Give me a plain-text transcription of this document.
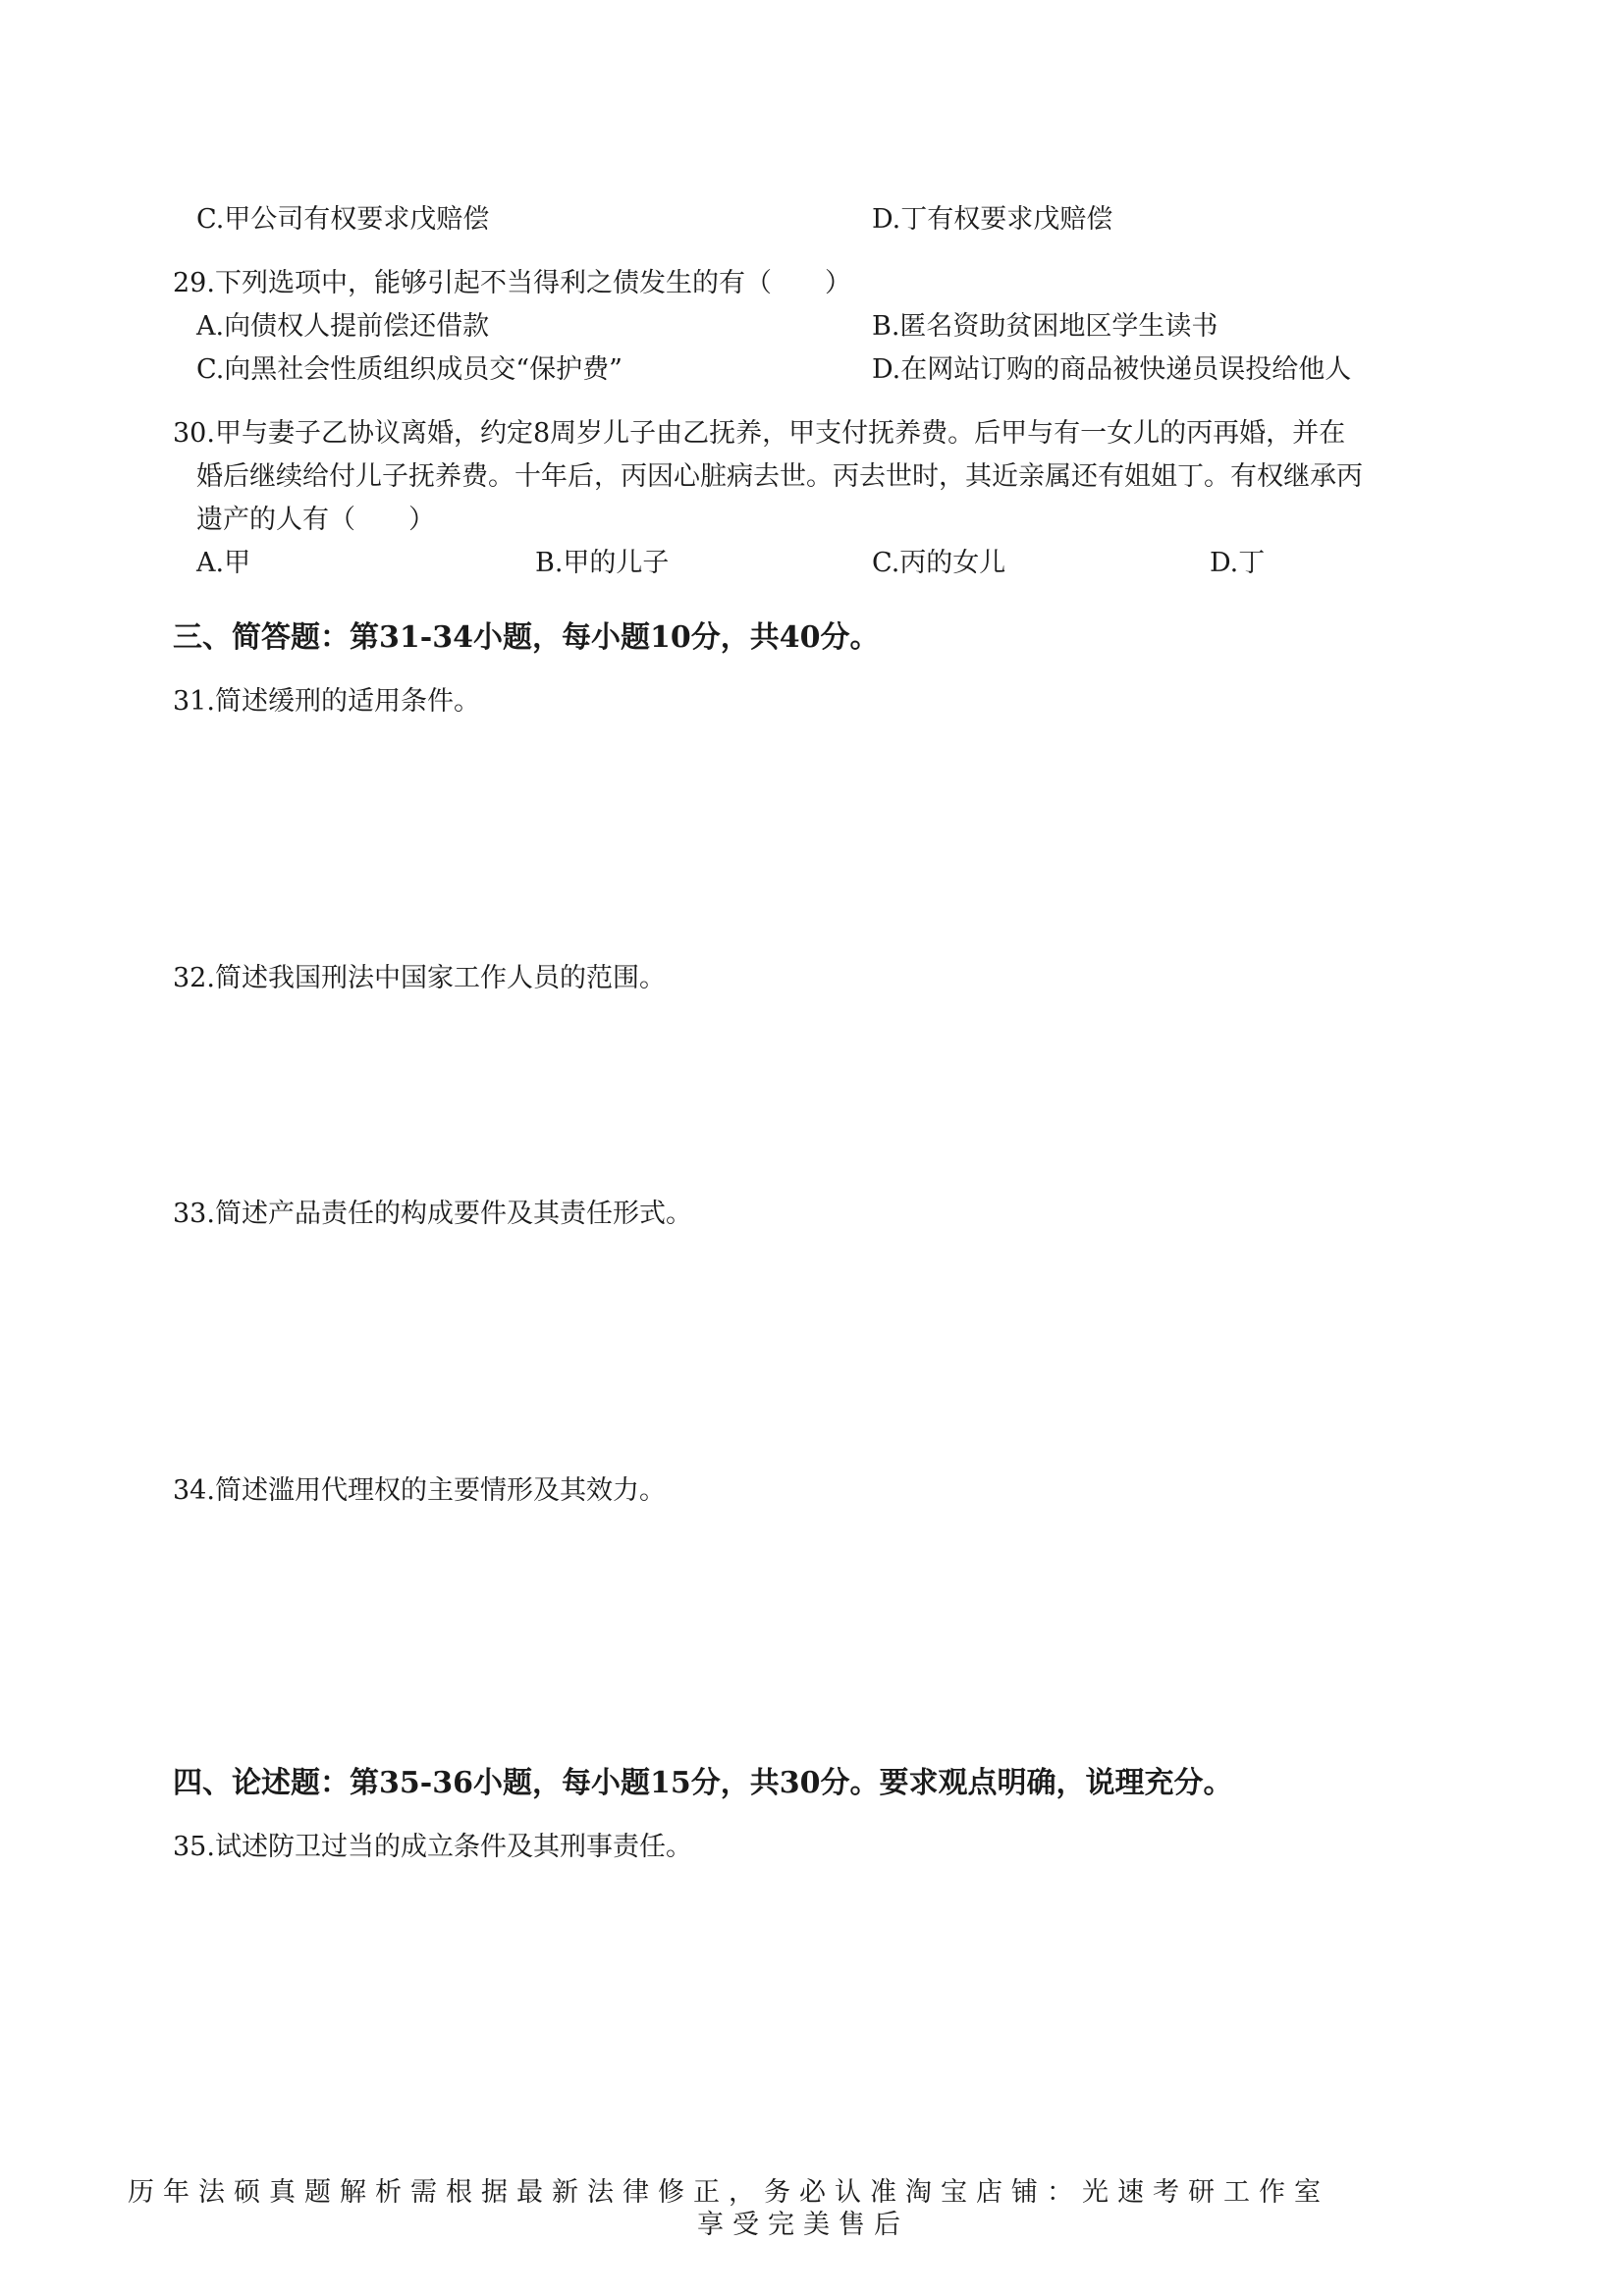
C.甲公司有权要求戊赔偿	D.丁有权要求戊赔偿
29.下列选项中，能够引起不当得利之债发生的有（　　）
A.向债权人提前偿还借款	B.匿名资助贫困地区学生读书
C.向黑社会性质组织成员交“保护费”	D.在网站订购的商品被快递员误投给他人
30.甲与妻子乙协议离婚，约定8周岁儿子由乙抚养，甲支付抚养费。后甲与有一女儿的丙再婚，并在
婚后继续给付儿子抚养费。十年后，丙因心脏病去世。丙去世时，其近亲属还有姐姐丁。有权继承丙
遗产的人有（　　）
A.甲	B.甲的儿子	C.丙的女儿	D.丁
三、简答题：第31-34小题，每小题10分，共40分。
31.简述缓刑的适用条件。
32.简述我国刑法中国家工作人员的范围。
33.简述产品责任的构成要件及其责任形式。
34.简述滥用代理权的主要情形及其效力。
四、论述题：第35-36小题，每小题15分，共30分。要求观点明确，说理充分。
35.试述防卫过当的成立条件及其刑事责任。
历年法硕真题解析需根据最新法律修正，务必认准淘宝店铺：光速考研工作室
享受完美售后
